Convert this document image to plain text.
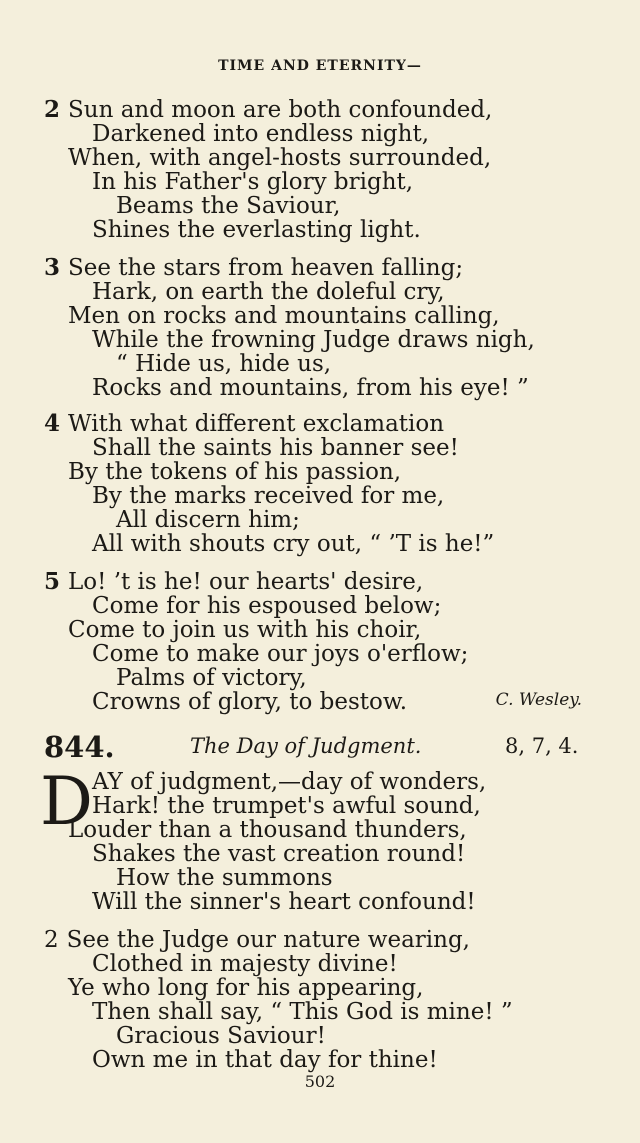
TIME AND ETERNITY—
2 Sun and moon are both confounded,
Darkened into endless night,
When, with angel-hosts surrounded,
In his Father's glory bright,
Beams the Saviour,
Shines the everlasting light.
3 See the stars from heaven falling;
Hark, on earth the doleful cry,
Men on rocks and mountains calling,
While the frowning Judge draws nigh,
“ Hide us, hide us,
Rocks and mountains, from his eye! ”
4 With what different exclamation
Shall the saints his banner see!
By the tokens of his passion,
By the marks received for me,
All discern him;
All with shouts cry out, “ ’T is he!”
5 Lo! ’t is he! our hearts' desire,
Come for his espoused below;
Come to join us with his choir,
Come to make our joys o'erflow;
Palms of victory,
Crowns of glory, to bestow.	C. Wesley.
844.	The Day of Judgment.	8, 7, 4.
D AY of judgment,—day of wonders,
Hark! the trumpet's awful sound,
Louder than a thousand thunders,
Shakes the vast creation round!
How the summons
Will the sinner's heart confound!
2 See the Judge our nature wearing,
Clothed in majesty divine!
Ye who long for his appearing,
Then shall say, “ This God is mine! ”
Gracious Saviour!
Own me in that day for thine!
502
